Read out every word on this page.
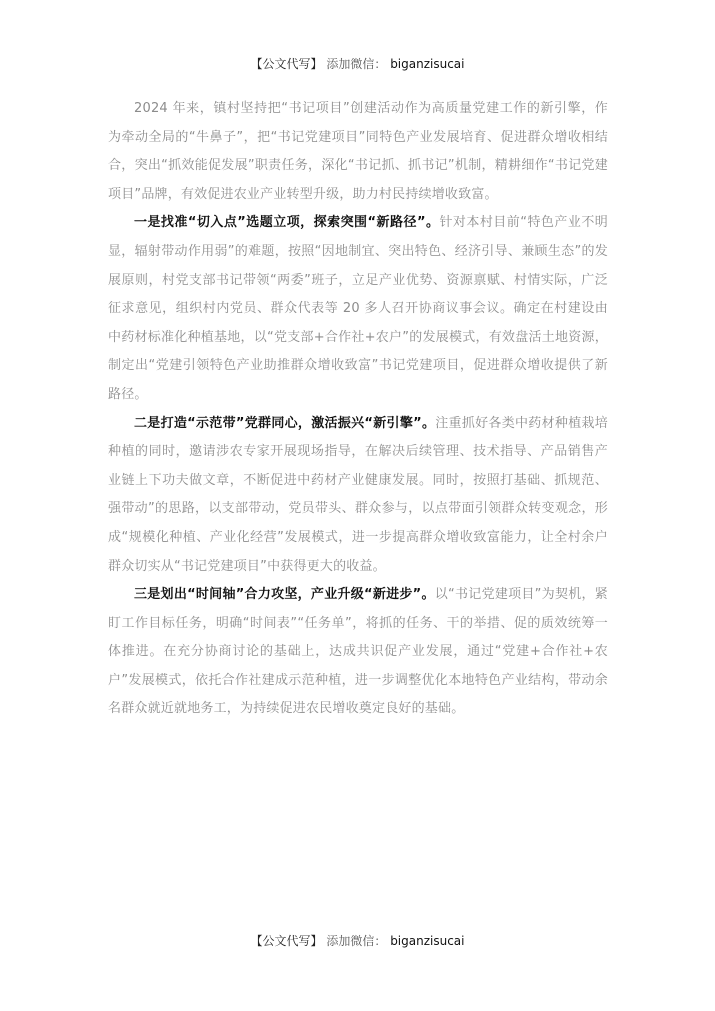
【公文代写】 添加微信： biganzisucai

2024 年来，镇村坚持把“书记项目”创建活动作为高质量党建工作的新引擎，作为牵动全局的“牛鼻子”，把“书记党建项目”同特色产业发展培育、促进群众增收相结合，突出“抓效能促发展”职责任务，深化“书记抓、抓书记”机制，精耕细作“书记党建项目”品牌，有效促进农业产业转型升级，助力村民持续增收致富。

一是找准“切入点”选题立项，探索突围“新路径”。针对本村目前“特色产业不明显，辐射带动作用弱”的难题，按照“因地制宜、突出特色、经济引导、兼顾生态”的发展原则，村党支部书记带领“两委”班子，立足产业优势、资源禀赋、村情实际，广泛征求意见，组织村内党员、群众代表等 20 多人召开协商议事会议。确定在村建设由中药材标准化种植基地，以“党支部+合作社+农户”的发展模式，有效盘活土地资源，制定出“党建引领特色产业助推群众增收致富”书记党建项目，促进群众增收提供了新路径。

二是打造“示范带”党群同心，激活振兴“新引擎”。注重抓好各类中药材种植栽培种植的同时，邀请涉农专家开展现场指导，在解决后续管理、技术指导、产品销售产业链上下功夫做文章，不断促进中药材产业健康发展。同时，按照打基础、抓规范、强带动”的思路，以支部带动，党员带头、群众参与，以点带面引领群众转变观念，形成“规模化种植、产业化经营”发展模式，进一步提高群众增收致富能力，让全村余户群众切实从“书记党建项目”中获得更大的收益。

三是划出“时间轴”合力攻坚，产业升级“新进步”。以“书记党建项目”为契机，紧盯工作目标任务，明确“时间表”“任务单”，将抓的任务、干的举措、促的质效统筹一体推进。在充分协商讨论的基础上，达成共识促产业发展，通过“党建+合作社+农户”发展模式，依托合作社建成示范种植，进一步调整优化本地特色产业结构，带动余名群众就近就地务工，为持续促进农民增收奠定良好的基础。

【公文代写】 添加微信： biganzisucai
